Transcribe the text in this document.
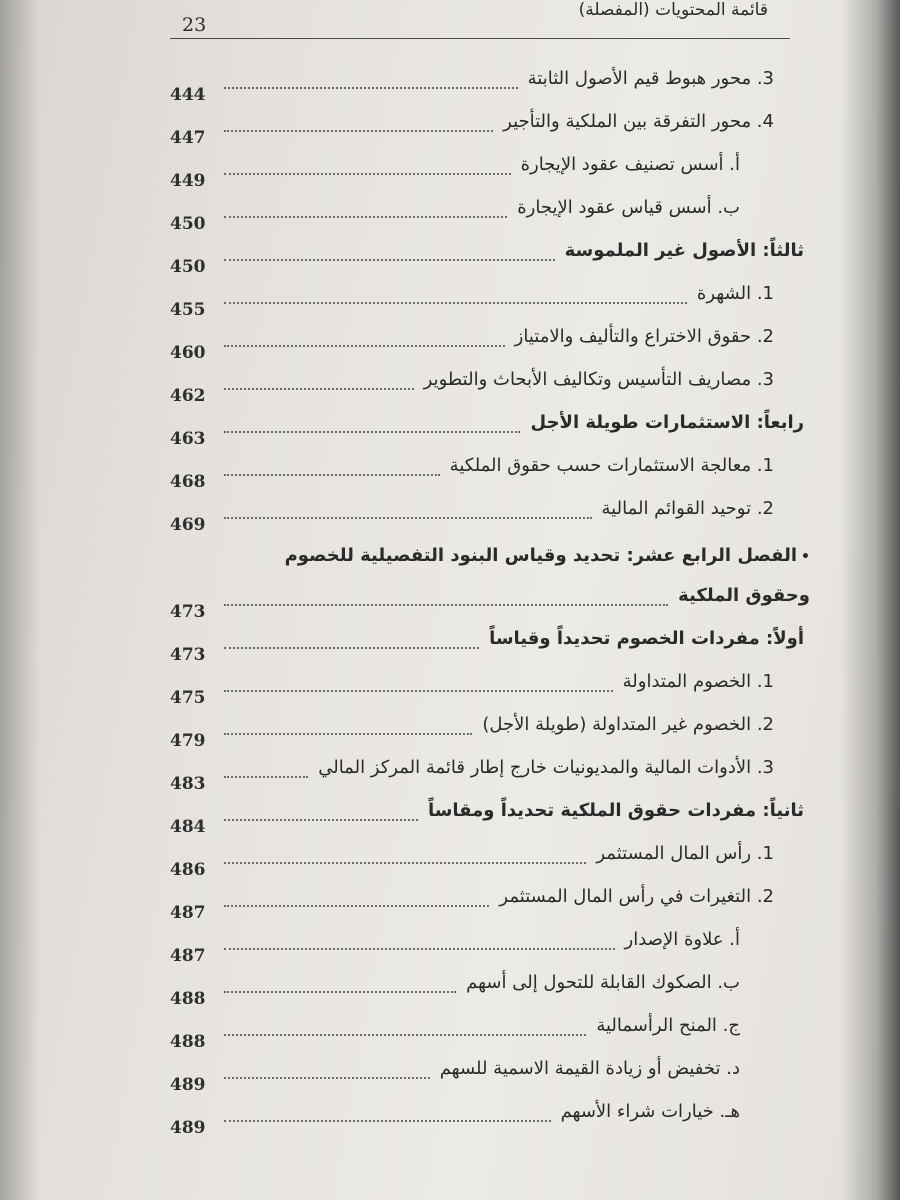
23
قائمة المحتويات (المفصلة)
3. محور هبوط قيم الأصول الثابتة
444
4. محور التفرقة بين الملكية والتأجير
447
أ. أسس تصنيف عقود الإيجارة
449
ب. أسس قياس عقود الإيجارة
450
ثالثاً: الأصول غير الملموسة
450
1. الشهرة
455
2. حقوق الاختراع والتأليف والامتياز
460
3. مصاريف التأسيس وتكاليف الأبحاث والتطوير
462
رابعاً: الاستثمارات طويلة الأجل
463
1. معالجة الاستثمارات حسب حقوق الملكية
468
2. توحيد القوائم المالية
469
•الفصل الرابع عشر: تحديد وقياس البنود التفصيلية للخصوم
وحقوق الملكية
473
أولاً: مفردات الخصوم تحديداً وقياساً
473
1. الخصوم المتداولة
475
2. الخصوم غير المتداولة (طويلة الأجل)
479
3. الأدوات المالية والمديونيات خارج إطار قائمة المركز المالي
483
ثانياً: مفردات حقوق الملكية تحديداً ومقاساً
484
1. رأس المال المستثمر
486
2. التغيرات في رأس المال المستثمر
487
أ. علاوة الإصدار
487
ب. الصكوك القابلة للتحول إلى أسهم
488
ج. المنح الرأسمالية
488
د. تخفيض أو زيادة القيمة الاسمية للسهم
489
هـ. خيارات شراء الأسهم
489
